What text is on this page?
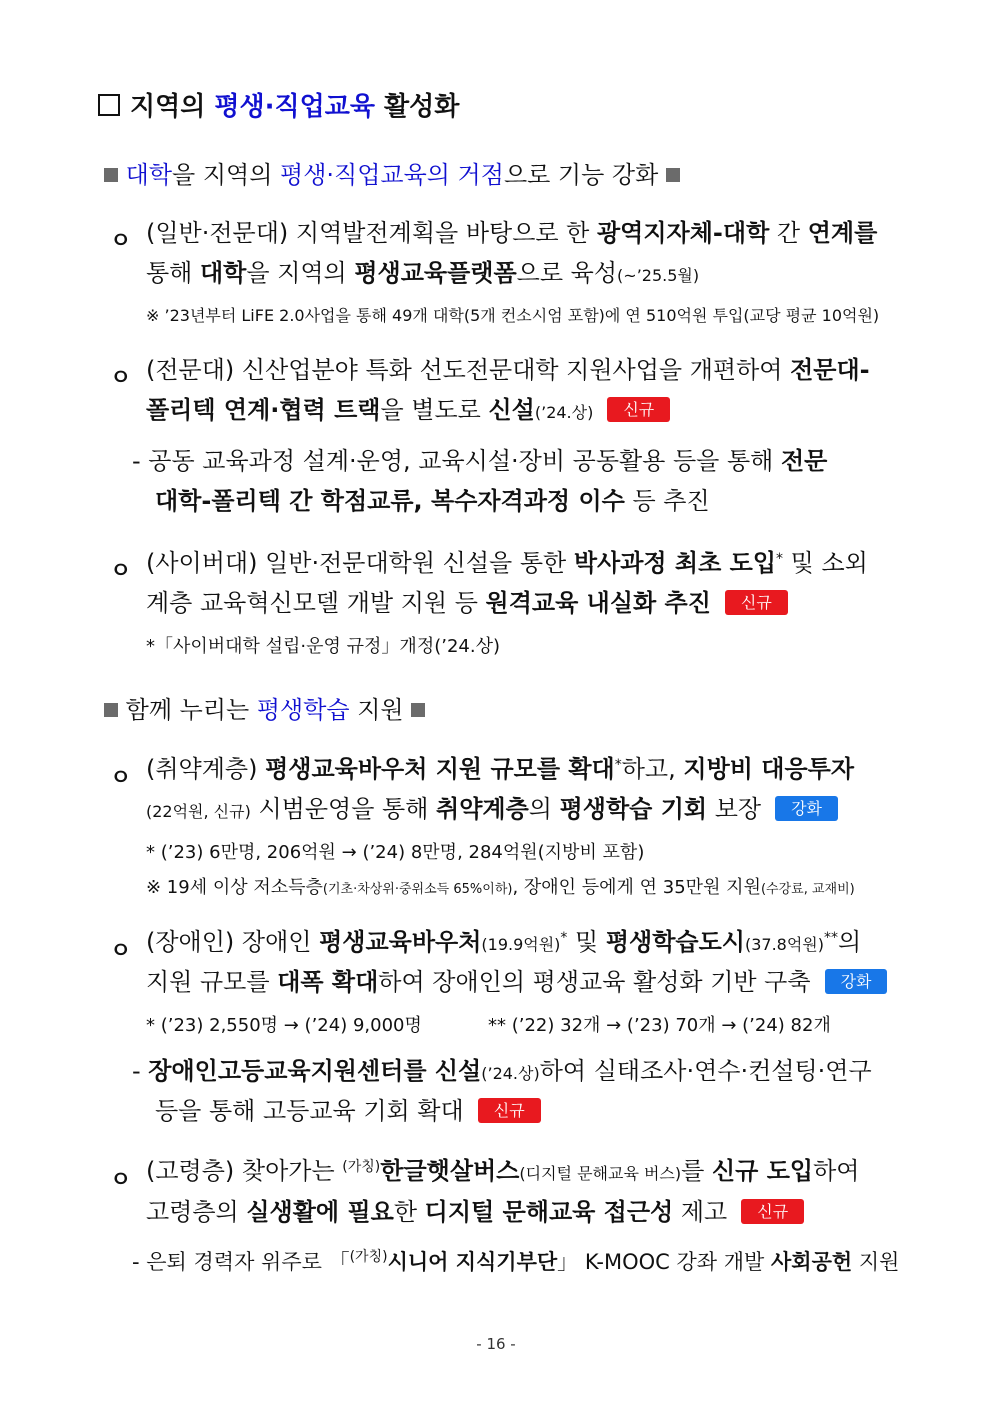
지역의 평생·직업교육 활성화
대학을 지역의 평생·직업교육의 거점으로 기능 강화
ㅇ (일반·전문대) 지역발전계획을 바탕으로 한 광역지자체-대학 간 연계를
통해 대학을 지역의 평생교육플랫폼으로 육성(~’25.5월)
※ ’23년부터 LiFE 2.0사업을 통해 49개 대학(5개 컨소시엄 포함)에 연 510억원 투입(교당 평균 10억원)
ㅇ (전문대) 신산업분야 특화 선도전문대학 지원사업을 개편하여 전문대-
폴리텍 연계·협력 트랙을 별도로 신설(’24.상) 신규
- 공동 교육과정 설계·운영, 교육시설·장비 공동활용 등을 통해 전문
대학-폴리텍 간 학점교류, 복수자격과정 이수 등 추진
ㅇ (사이버대) 일반·전문대학원 신설을 통한 박사과정 최초 도입* 및 소외
계층 교육혁신모델 개발 지원 등 원격교육 내실화 추진 신규
*「사이버대학 설립·운영 규정」개정(’24.상)
함께 누리는 평생학습 지원
ㅇ (취약계층) 평생교육바우처 지원 규모를 확대*하고, 지방비 대응투자
(22억원, 신규) 시범운영을 통해 취약계층의 평생학습 기회 보장 강화
* (’23) 6만명, 206억원 → (’24) 8만명, 284억원(지방비 포함)
※ 19세 이상 저소득층(기초·차상위·중위소득 65%이하), 장애인 등에게 연 35만원 지원(수강료, 교재비)
ㅇ (장애인) 장애인 평생교육바우처(19.9억원)* 및 평생학습도시(37.8억원)**의
지원 규모를 대폭 확대하여 장애인의 평생교육 활성화 기반 구축 강화
* (’23) 2,550명 → (’24) 9,000명	** (’22) 32개 → (’23) 70개 → (’24) 82개
- 장애인고등교육지원센터를 신설(’24.상)하여 실태조사·연수·컨설팅·연구
등을 통해 고등교육 기회 확대 신규
ㅇ (고령층) 찾아가는 $^{(가칭)}$한글햇살버스(디지털 문해교육 버스)를 신규 도입하여
고령층의 실생활에 필요한 디지털 문해교육 접근성 제고 신규
- 은퇴 경력자 위주로 「$^{(가칭)}$시니어 지식기부단」 K-MOOC 강좌 개발 사회공헌 지원
- 16 -
